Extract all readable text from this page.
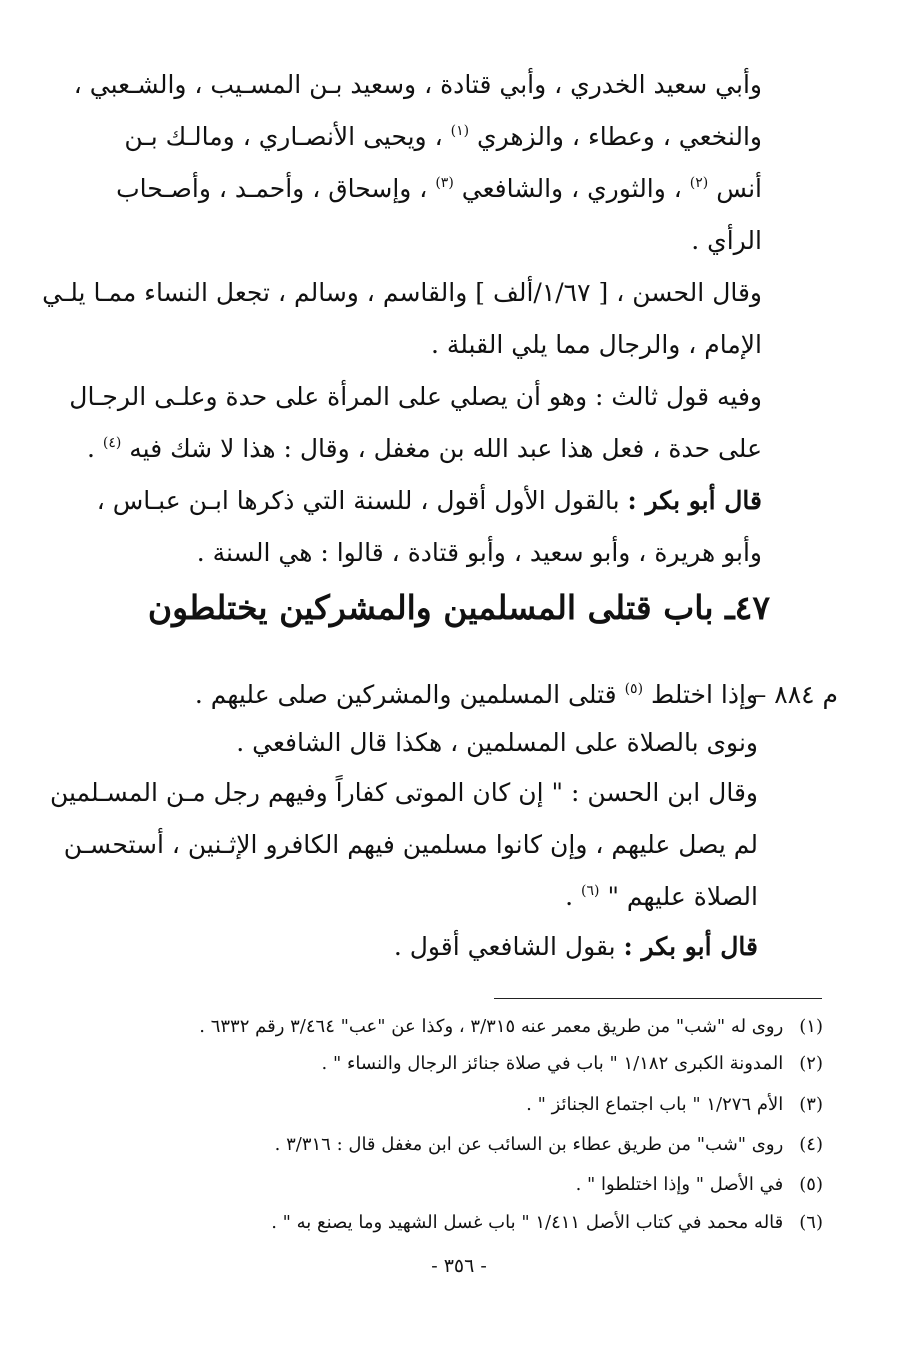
وأبي سعيد الخدري ، وأبي قتادة ، وسعيد بـن المسـيب ، والشـعبي ،
والنخعي ، وعطاء ، والزهري $^{(١)}$ ، ويحيى الأنصـاري ، ومالـك بـن
أنس $^{(٢)}$ ، والثوري ، والشافعي $^{(٣)}$ ، وإسحاق ، وأحمـد ، وأصـحاب
الرأي .
وقال الحسن ، [ ١/٦٧/ألف ] والقاسم ، وسالم ، تجعل النساء ممـا يلـي
الإمام ، والرجال مما يلي القبلة .
وفيه قول ثالث : وهو أن يصلي على المرأة على حدة وعلـى الرجـال
على حدة ، فعل هذا عبد الله بن مغفل ، وقال : هذا لا شك فيه $^{(٤)}$ .
قال أبو بكر : بالقول الأول أقول ، للسنة التي ذكرها ابـن عبـاس ،
وأبو هريرة ، وأبو سعيد ، وأبو قتادة ، قالوا : هي السنة .
٤٧ـ باب قتلى المسلمين والمشركين يختلطون
م ٨٨٤ –
وإذا اختلط $^{(٥)}$ قتلى المسلمين والمشركين صلى عليهم .
ونوى بالصلاة على المسلمين ، هكذا قال الشافعي .
وقال ابن الحسن : " إن كان الموتى كفاراً وفيهم رجل مـن المسـلمين
لم يصل عليهم ، وإن كانوا مسلمين فيهم الكافرو الإثـنين ، أستحسـن
الصلاة عليهم " $^{(٦)}$ .
قال أبو بكر : بقول الشافعي أقول .
(١) روى له "شب" من طريق معمر عنه ٣/٣١٥ ، وكذا عن "عب" ٣/٤٦٤ رقم ٦٣٣٢ .
(٢) المدونة الكبرى ١/١٨٢ " باب في صلاة جنائز الرجال والنساء " .
(٣) الأم ١/٢٧٦ " باب اجتماع الجنائز " .
(٤) روى "شب" من طريق عطاء بن السائب عن ابن مغفل قال : ٣/٣١٦ .
(٥) في الأصل " وإذا اختلطوا " .
(٦) قاله محمد في كتاب الأصل ١/٤١١ " باب غسل الشهيد وما يصنع به " .
- ٣٥٦ -
